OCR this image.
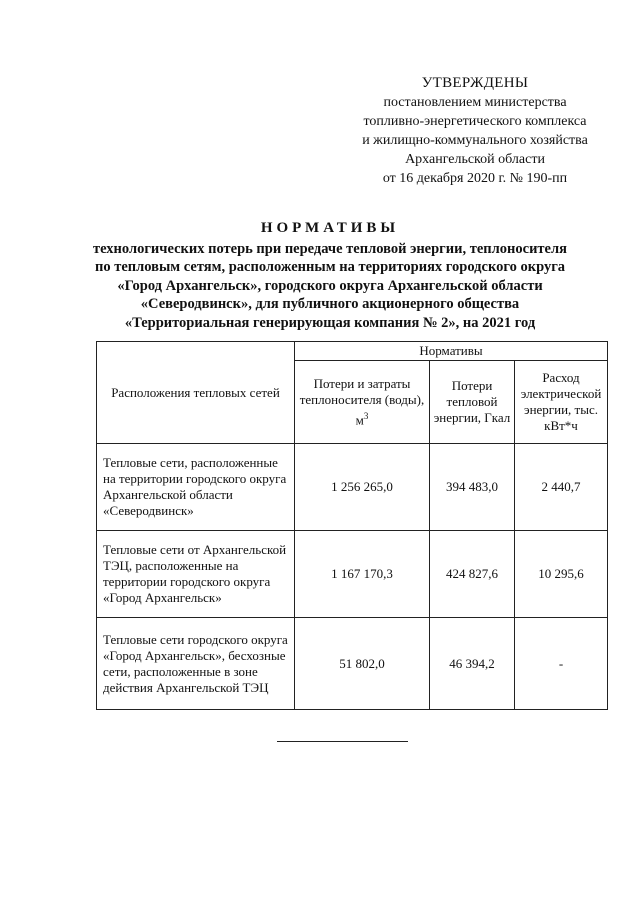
УТВЕРЖДЕНЫ
постановлением министерства
топливно-энергетического комплекса
и жилищно-коммунального хозяйства
Архангельской области
от 16 декабря 2020 г. № 190-пп
НОРМАТИВЫ
технологических потерь при передаче тепловой энергии, теплоносителя
по тепловым сетям, расположенным на территориях городского округа
«Город Архангельск», городского округа Архангельской области
«Северодвинск», для публичного акционерного общества
«Территориальная генерирующая компания № 2», на 2021 год
Расположения тепловых сетей	Нормативы		
	Потери и затраты теплоносителя (воды), $м^3$	Потери тепловой энергии, Гкал	Расход электрической энергии, тыс. кВт*ч
Тепловые сети, расположенные на территории городского округа Архангельской области «Северодвинск»	1 256 265,0	394 483,0	2 440,7
Тепловые сети от Архангельской ТЭЦ, расположенные на территории городского округа «Город Архангельск»	1 167 170,3	424 827,6	10 295,6
Тепловые сети городского округа «Город Архангельск», бесхозные сети, расположенные в зоне действия Архангельской ТЭЦ	51 802,0	46 394,2	-
